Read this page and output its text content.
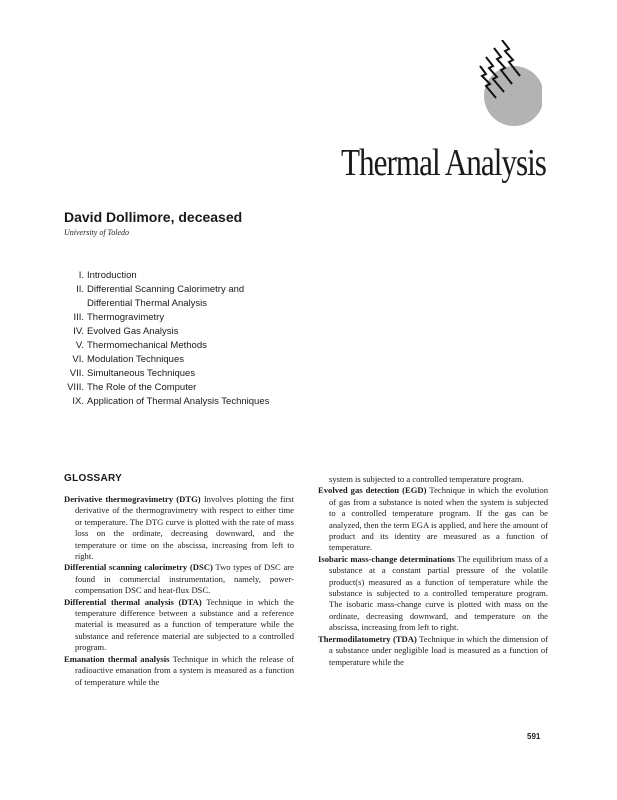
Thermal Analysis
David Dollimore, deceased
University of Toledo
I. Introduction
II. Differential Scanning Calorimetry and Differential Thermal Analysis
III. Thermogravimetry
IV. Evolved Gas Analysis
V. Thermomechanical Methods
VI. Modulation Techniques
VII. Simultaneous Techniques
VIII. The Role of the Computer
IX. Application of Thermal Analysis Techniques
GLOSSARY

Derivative thermogravimetry (DTG) Involves plotting the first derivative of the thermogravimetry with respect to either time or temperature. The DTG curve is plotted with the rate of mass loss on the ordinate, decreasing downward, and the temperature or time on the abscissa, increasing from left to right.

Differential scanning calorimetry (DSC) Two types of DSC are found in commercial instrumentation, namely, power-compensation DSC and heat-flux DSC.

Differential thermal analysis (DTA) Technique in which the temperature difference between a substance and a reference material is measured as a function of temperature while the substance and reference material are subjected to a controlled program.

Emanation thermal analysis Technique in which the release of radioactive emanation from a system is measured as a function of temperature while the

system is subjected to a controlled temperature program.

Evolved gas detection (EGD) Technique in which the evolution of gas from a substance is noted when the system is subjected to a controlled temperature program. If the gas can be analyzed, then the term EGA is applied, and here the amount of product and its identity are measured as a function of temperature.

Isobaric mass-change determinations The equilibrium mass of a substance at a constant partial pressure of the volatile product(s) measured as a function of temperature while the substance is subjected to a controlled temperature program. The isobaric mass-change curve is plotted with mass on the ordinate, decreasing downward, and temperature on the abscissa, increasing from left to right.

Thermodilatometry (TDA) Technique in which the dimension of a substance under negligible load is measured as a function of temperature while the

591
